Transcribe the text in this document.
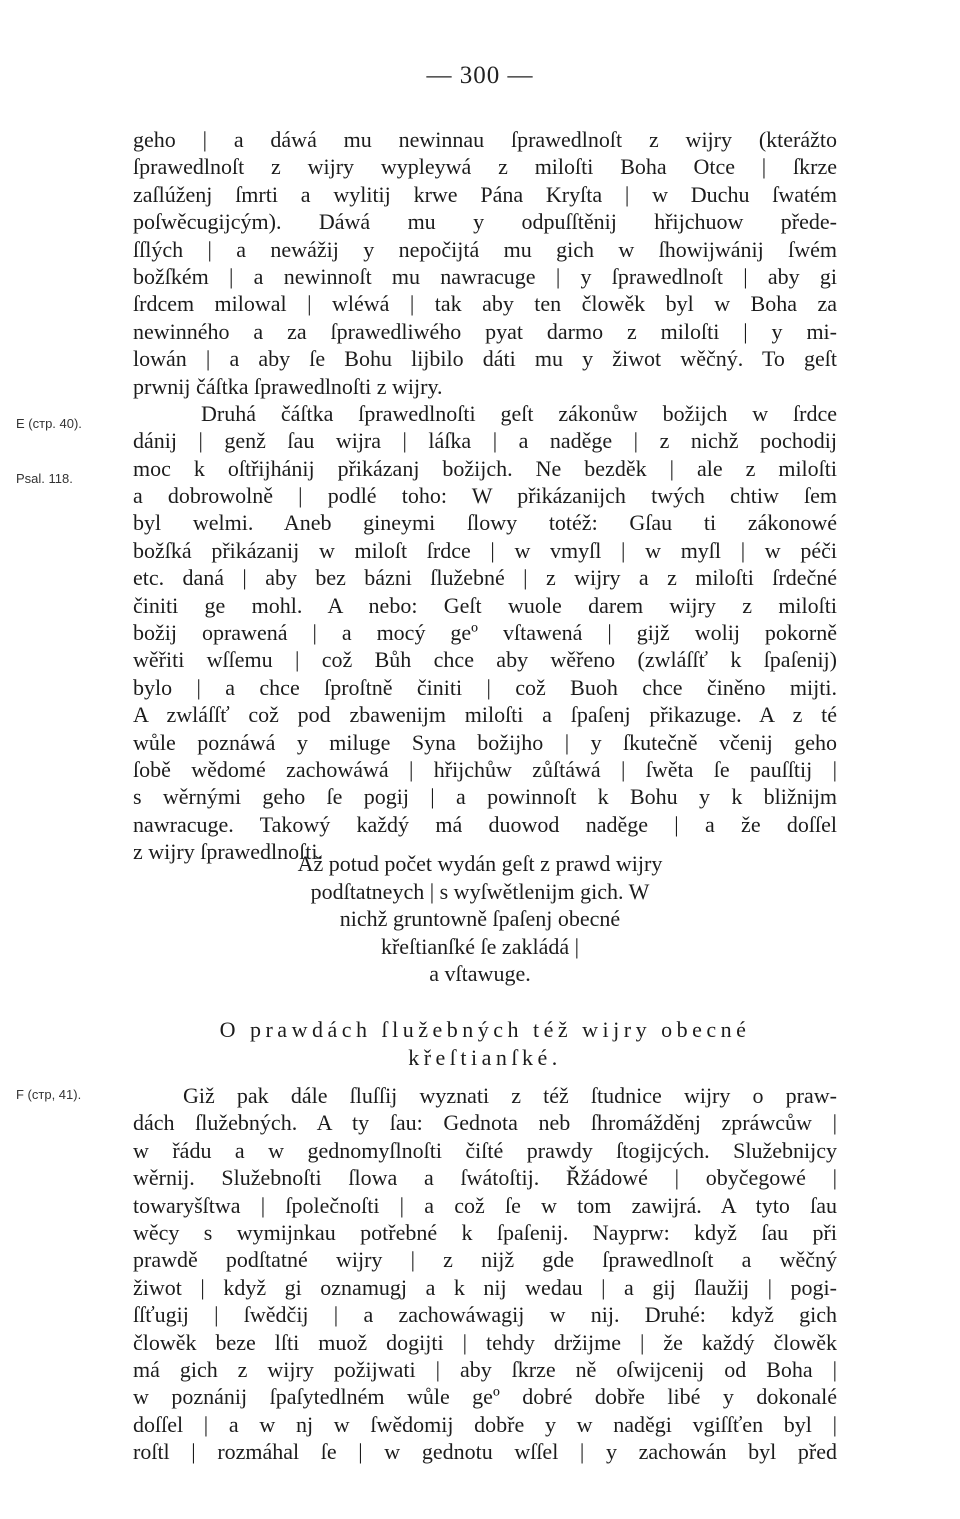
— 300 —
E (стр. 40).
Psal. 118.
F (стр, 41).
geho | a dáwá mu newinnau ſprawedlnoſt z wijry (kterážto
ſprawedlnoſt z wijry wypleywá z miloſti Boha Otce | ſkrze
zaſlúženj ſmrti a wylitij krwe Pána Kryſta | w Duchu ſwatém
poſwěcugijcým). Dáwá mu y odpuſſtěnij hřijchuow přede-
ſſlých | a newážij y nepočijtá mu gich w ſhowijwánij ſwém
božſkém | a newinnoſt mu nawracuge | y ſprawedlnoſt | aby gi
ſrdcem milowal | wléwá | tak aby ten člowěk byl w Boha za
newinného a za ſprawedliwého pyat darmo z miloſti | y mi-
lowán | a aby ſe Bohu lijbilo dáti mu y žiwot wěčný. To geſt
prwnij čáſtka ſprawedlnoſti z wijry.
Druhá čáſtka ſprawedlnoſti geſt zákonůw božijch w ſrdce
dánij | genž ſau wijra | láſka | a naděge | z nichž pochodij
moc k oſtřijhánij přikázanj božijch. Ne bezděk | ale z miloſti
a dobrowolně | podlé toho: W přikázanijch twých chtiw ſem
byl welmi. Aneb gineymi ſlowy totéž: Gſau ti zákonowé
božſká přikázanij w miloſt ſrdce | w vmyſl | w myſl | w péči
etc. daná | aby bez bázni ſlužebné | z wijry a z miloſti ſrdečné
činiti ge mohl. A nebo: Geſt wuole darem wijry z miloſti
božij oprawená | a mocý geº vſtawená | gijž wolij pokorně
wěřiti wſſemu | což Bůh chce aby wěřeno (zwláſſť k ſpaſenij)
bylo | a chce ſproſtně činiti | což Buoh chce činěno mijti.
A zwláſſť což pod zbawenijm miloſti a ſpaſenj přikazuge. A z té
wůle poznáwá y miluge Syna božijho | y ſkutečně včenij geho
ſobě wědomé zachowáwá | hřijchůw zůſtáwá | ſwěta ſe pauſſtij |
s wěrnými geho ſe pogij | a powinnoſt k Bohu y k bližnijm
nawracuge. Takowý každý má duowod naděge | a že doſſel
z wijry ſprawedlnoſti.
Až potud počet wydán geſt z prawd wijry
podſtatneych | s wyſwětlenijm gich. W
nichž gruntowně ſpaſenj obecné
křeſtianſké ſe zakládá |
a vſtawuge.
O prawdách ſlužebných též wijry obecné
křeſtianſké.
Giž pak dále ſluſſij wyznati z též ſtudnice wijry o praw-
dách ſlužebných. A ty ſau: Gednota neb ſhromážděnj zpráwcůw |
w řádu a w gednomyſlnoſti čiſté prawdy ſtogijcých. Služebnijcy
wěrnij. Služebnoſti ſlowa a ſwátoſtij. Řžádowé | obyčegowé |
towaryšſtwa | ſpolečnoſti | a což ſe w tom zawijrá. A tyto ſau
wěcy s wymijnkau potřebné k ſpaſenij. Nayprw: když ſau při
prawdě podſtatné wijry | z nijž gde ſprawedlnoſt a wěčný
žiwot | když gi oznamugj a k nij wedau | a gij ſlaužij | pogi-
ſſťugij | ſwědčij | a zachowáwagij w nij. Druhé: když gich
člowěk beze lſti muož dogijti | tehdy držijme | že každý člowěk
má gich z wijry požijwati | aby ſkrze ně oſwijcenij od Boha |
w poznánij ſpaſytedlném wůle geº dobré dobře libé y dokonalé
doſſel | a w nj w ſwědomij dobře y w naděgi vgiſſťen byl |
roſtl | rozmáhal ſe | w gednotu wſſel | y zachowán byl před
